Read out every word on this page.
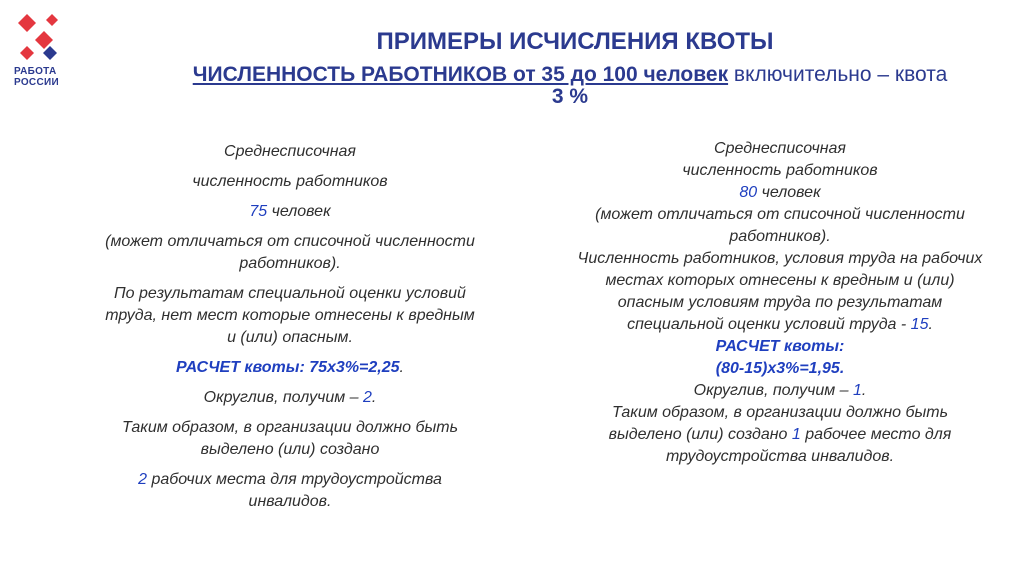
РАБОТА
РОССИИ
ПРИМЕРЫ ИСЧИСЛЕНИЯ КВОТЫ
ЧИСЛЕННОСТЬ РАБОТНИКОВ от 35 до 100 человек включительно – квота
3 %

Среднесписочная

численность работников

75 человек

(может отличаться от списочной численности работников).

По результатам специальной оценки условий труда, нет мест которые отнесены к вредным и (или) опасным.

РАСЧЕТ квоты: 75х3%=2,25.

Округлив, получим – 2.

Таким образом, в организации должно быть выделено (или) создано

2 рабочих места для трудоустройства инвалидов.

Среднесписочная

численность работников

80 человек

(может отличаться от списочной численности работников).

Численность работников, условия труда на рабочих местах которых отнесены к вредным и (или) опасным условиям труда по результатам специальной оценки условий труда - 15.

РАСЧЕТ квоты:

(80-15)х3%=1,95.

Округлив, получим – 1.

Таким образом, в организации должно быть выделено (или) создано 1 рабочее место для трудоустройства инвалидов.
